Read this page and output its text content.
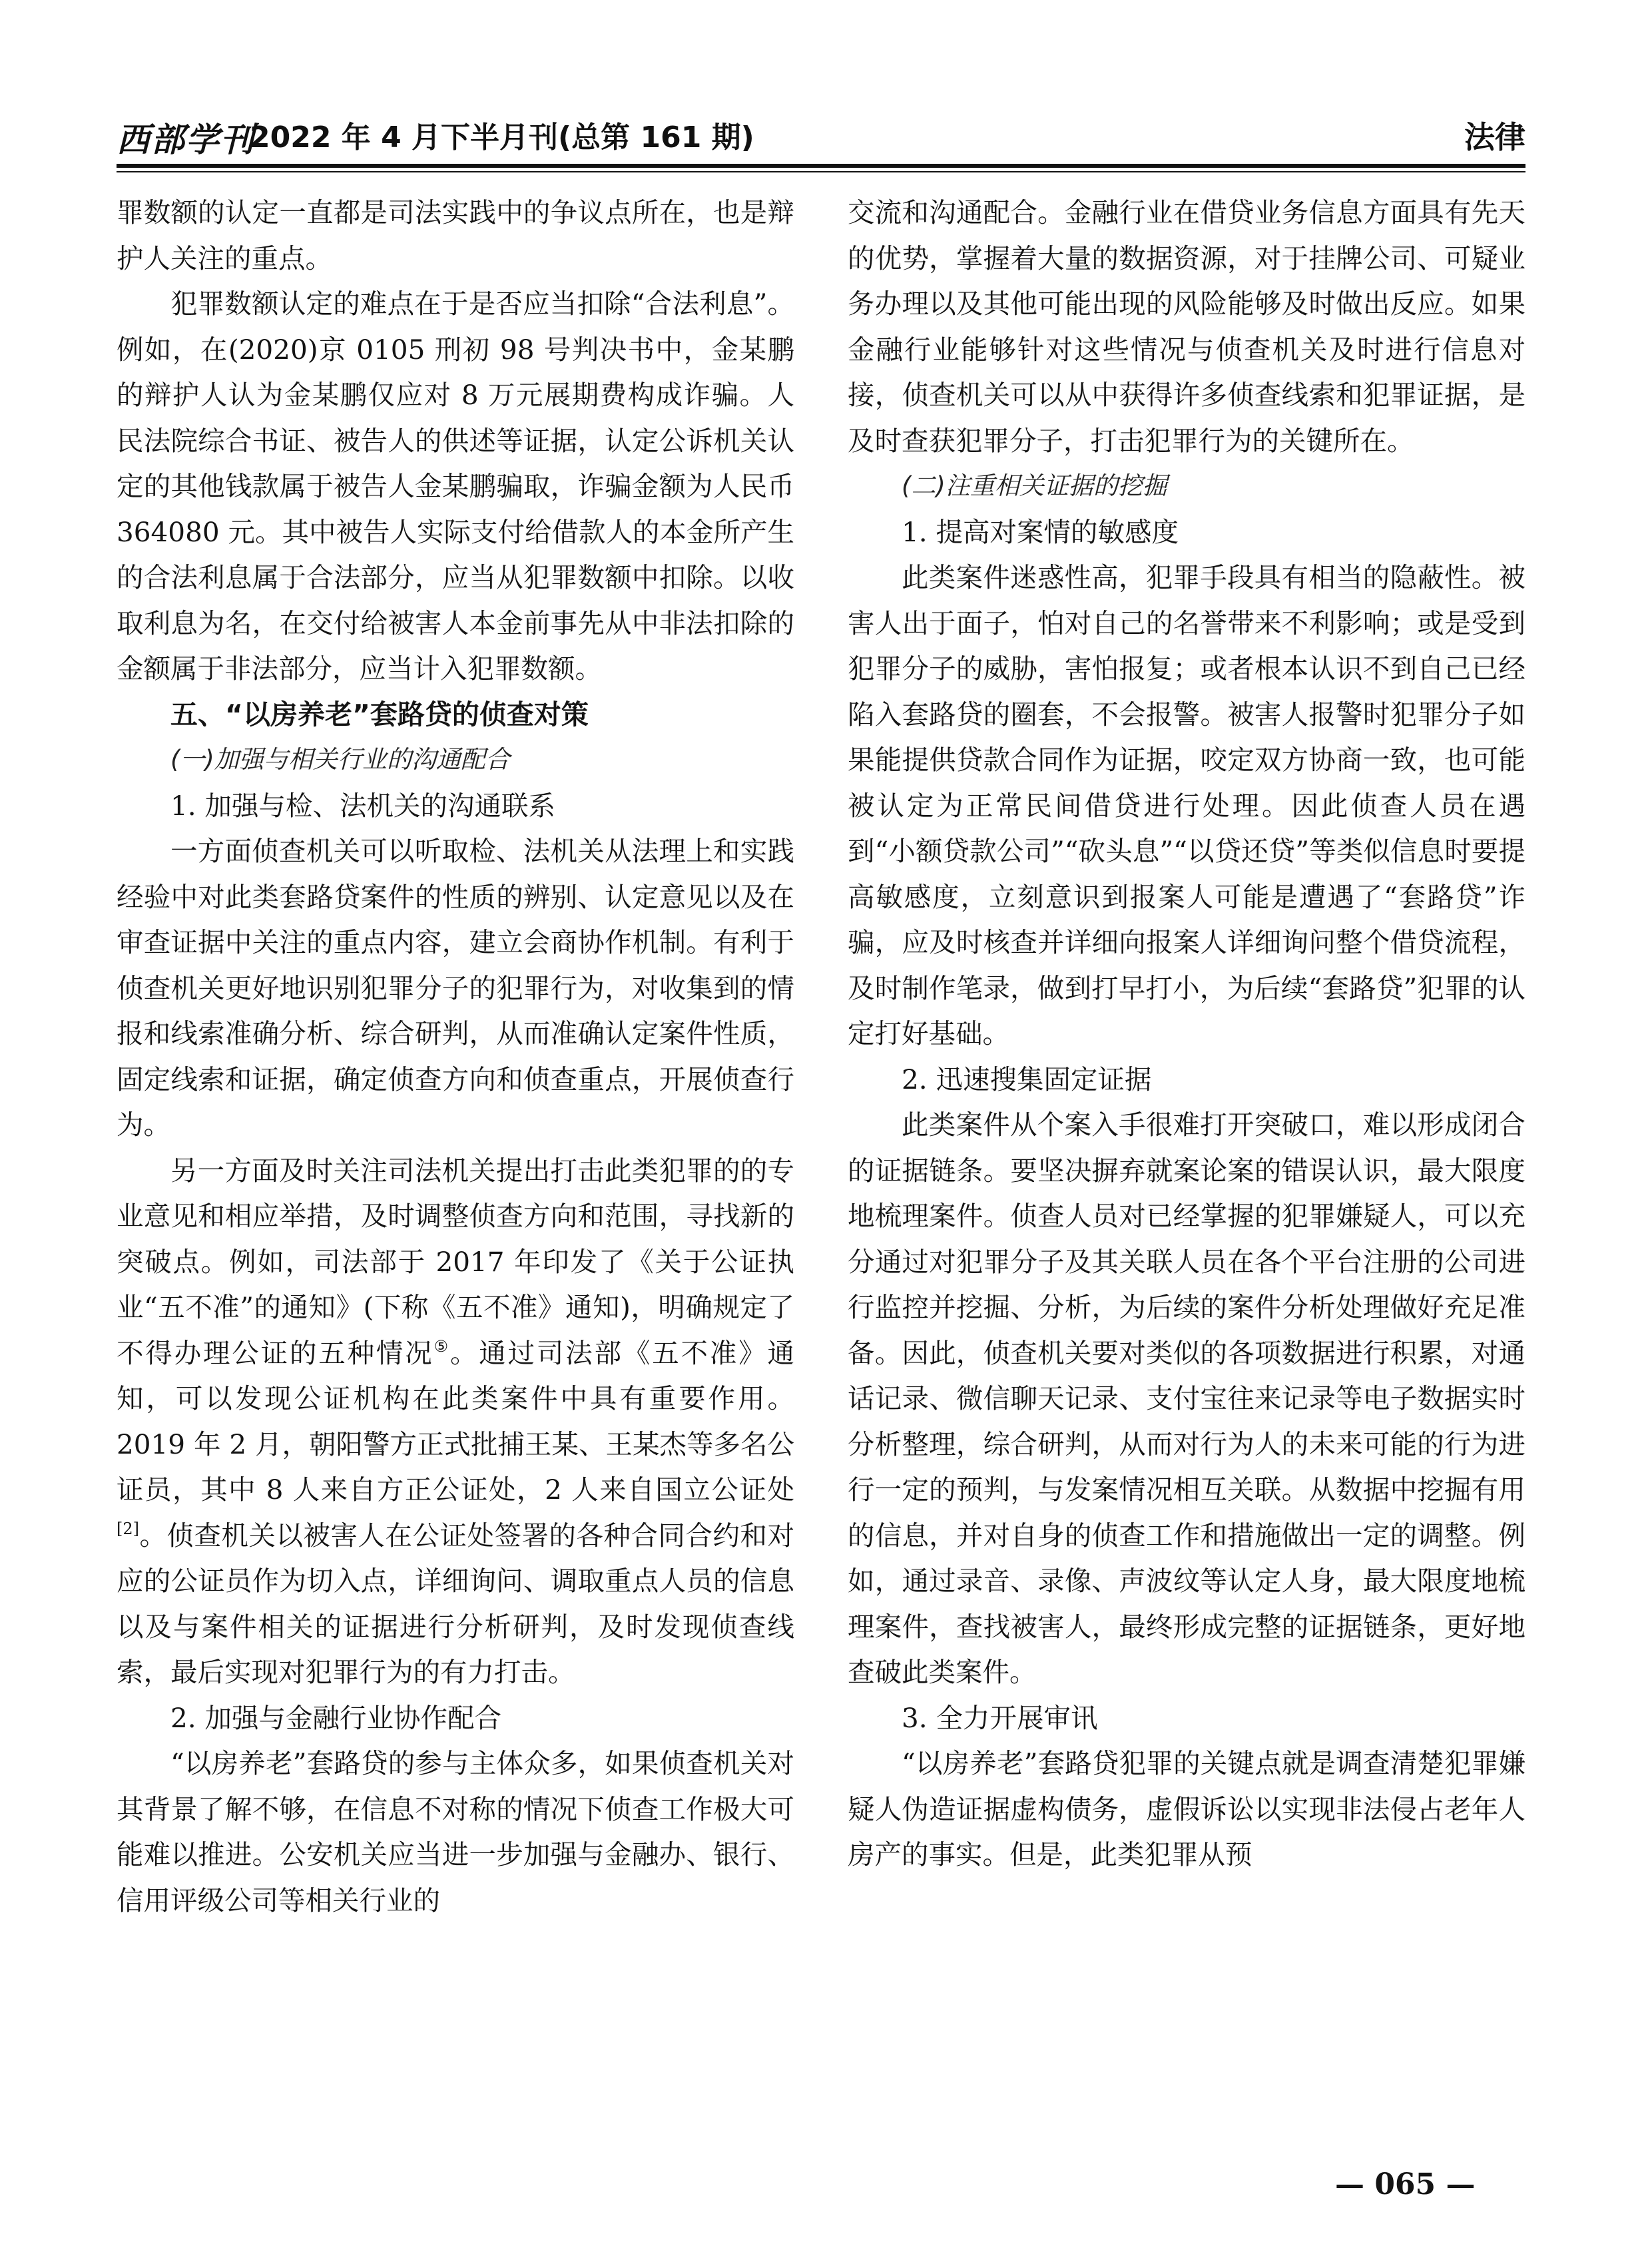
西部学刊
2022 年 4 月下半月刊(总第 161 期)	法律

罪数额的认定一直都是司法实践中的争议点所在，也是辩护人关注的重点。

犯罪数额认定的难点在于是否应当扣除“合法利息”。例如，在(2020)京 0105 刑初 98 号判决书中，金某鹏的辩护人认为金某鹏仅应对 8 万元展期费构成诈骗。人民法院综合书证、被告人的供述等证据，认定公诉机关认定的其他钱款属于被告人金某鹏骗取，诈骗金额为人民币 364080 元。其中被告人实际支付给借款人的本金所产生的合法利息属于合法部分，应当从犯罪数额中扣除。以收取利息为名，在交付给被害人本金前事先从中非法扣除的金额属于非法部分，应当计入犯罪数额。

五、“以房养老”套路贷的侦查对策
(一)加强与相关行业的沟通配合
1. 加强与检、法机关的沟通联系

一方面侦查机关可以听取检、法机关从法理上和实践经验中对此类套路贷案件的性质的辨别、认定意见以及在审查证据中关注的重点内容，建立会商协作机制。有利于侦查机关更好地识别犯罪分子的犯罪行为，对收集到的情报和线索准确分析、综合研判，从而准确认定案件性质，固定线索和证据，确定侦查方向和侦查重点，开展侦查行为。

另一方面及时关注司法机关提出打击此类犯罪的的专业意见和相应举措，及时调整侦查方向和范围，寻找新的突破点。例如，司法部于 2017 年印发了《关于公证执业“五不准”的通知》(下称《五不准》通知)，明确规定了不得办理公证的五种情况⑤。通过司法部《五不准》通知，可以发现公证机构在此类案件中具有重要作用。2019 年 2 月，朝阳警方正式批捕王某、王某杰等多名公证员，其中 8 人来自方正公证处，2 人来自国立公证处[2]。侦查机关以被害人在公证处签署的各种合同合约和对应的公证员作为切入点，详细询问、调取重点人员的信息以及与案件相关的证据进行分析研判，及时发现侦查线索，最后实现对犯罪行为的有力打击。

2. 加强与金融行业协作配合

“以房养老”套路贷的参与主体众多，如果侦查机关对其背景了解不够，在信息不对称的情况下侦查工作极大可能难以推进。公安机关应当进一步加强与金融办、银行、信用评级公司等相关行业的

交流和沟通配合。金融行业在借贷业务信息方面具有先天的优势，掌握着大量的数据资源，对于挂牌公司、可疑业务办理以及其他可能出现的风险能够及时做出反应。如果金融行业能够针对这些情况与侦查机关及时进行信息对接，侦查机关可以从中获得许多侦查线索和犯罪证据，是及时查获犯罪分子，打击犯罪行为的关键所在。

(二)注重相关证据的挖掘
1. 提高对案情的敏感度

此类案件迷惑性高，犯罪手段具有相当的隐蔽性。被害人出于面子，怕对自己的名誉带来不利影响；或是受到犯罪分子的威胁，害怕报复；或者根本认识不到自己已经陷入套路贷的圈套，不会报警。被害人报警时犯罪分子如果能提供贷款合同作为证据，咬定双方协商一致，也可能被认定为正常民间借贷进行处理。因此侦查人员在遇到“小额贷款公司”“砍头息”“以贷还贷”等类似信息时要提高敏感度，立刻意识到报案人可能是遭遇了“套路贷”诈骗，应及时核查并详细向报案人详细询问整个借贷流程，及时制作笔录，做到打早打小，为后续“套路贷”犯罪的认定打好基础。

2. 迅速搜集固定证据

此类案件从个案入手很难打开突破口，难以形成闭合的证据链条。要坚决摒弃就案论案的错误认识，最大限度地梳理案件。侦查人员对已经掌握的犯罪嫌疑人，可以充分通过对犯罪分子及其关联人员在各个平台注册的公司进行监控并挖掘、分析，为后续的案件分析处理做好充足准备。因此，侦查机关要对类似的各项数据进行积累，对通话记录、微信聊天记录、支付宝往来记录等电子数据实时分析整理，综合研判，从而对行为人的未来可能的行为进行一定的预判，与发案情况相互关联。从数据中挖掘有用的信息，并对自身的侦查工作和措施做出一定的调整。例如，通过录音、录像、声波纹等认定人身，最大限度地梳理案件，查找被害人，最终形成完整的证据链条，更好地查破此类案件。

3. 全力开展审讯

“以房养老”套路贷犯罪的关键点就是调查清楚犯罪嫌疑人伪造证据虚构债务，虚假诉讼以实现非法侵占老年人房产的事实。但是，此类犯罪从预

— 065 —
